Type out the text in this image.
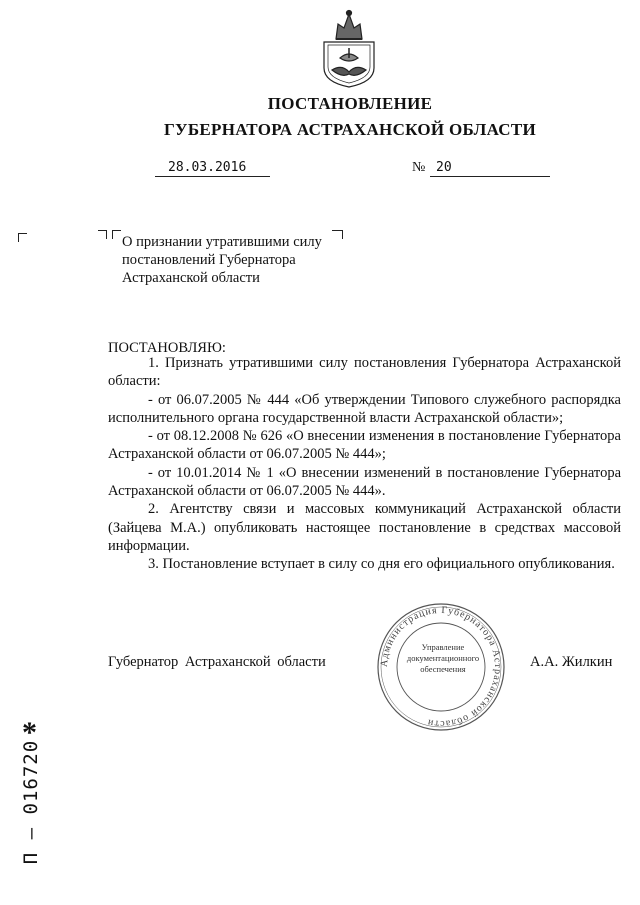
ПОСТАНОВЛЕНИЕ
ГУБЕРНАТОРА АСТРАХАНСКОЙ ОБЛАСТИ
28.03.2016	№ 20
О признании утратившими силу постановлений Губернатора Астраханской области
ПОСТАНОВЛЯЮ:

1. Признать утратившими силу постановления Губернатора Астраханской области:

- от 06.07.2005 № 444 «Об утверждении Типового служебного распорядка исполнительного органа государственной власти Астраханской области»;

- от 08.12.2008 № 626 «О внесении изменения в постановление Губернатора Астраханской области от 06.07.2005 № 444»;

- от 10.01.2014 № 1 «О внесении изменений в постановление Губернатора Астраханской области от 06.07.2005 № 444».

2. Агентству связи и массовых коммуникаций Астраханской области (Зайцева М.А.) опубликовать настоящее постановление в средствах массовой информации.

3. Постановление вступает в силу со дня его официального опубликования.

Губернатор Астраханской области	А.А. Жилкин
Администрация Губернатора Астраханской области
Управление
документационного
обеспечения
*
П – 016720
